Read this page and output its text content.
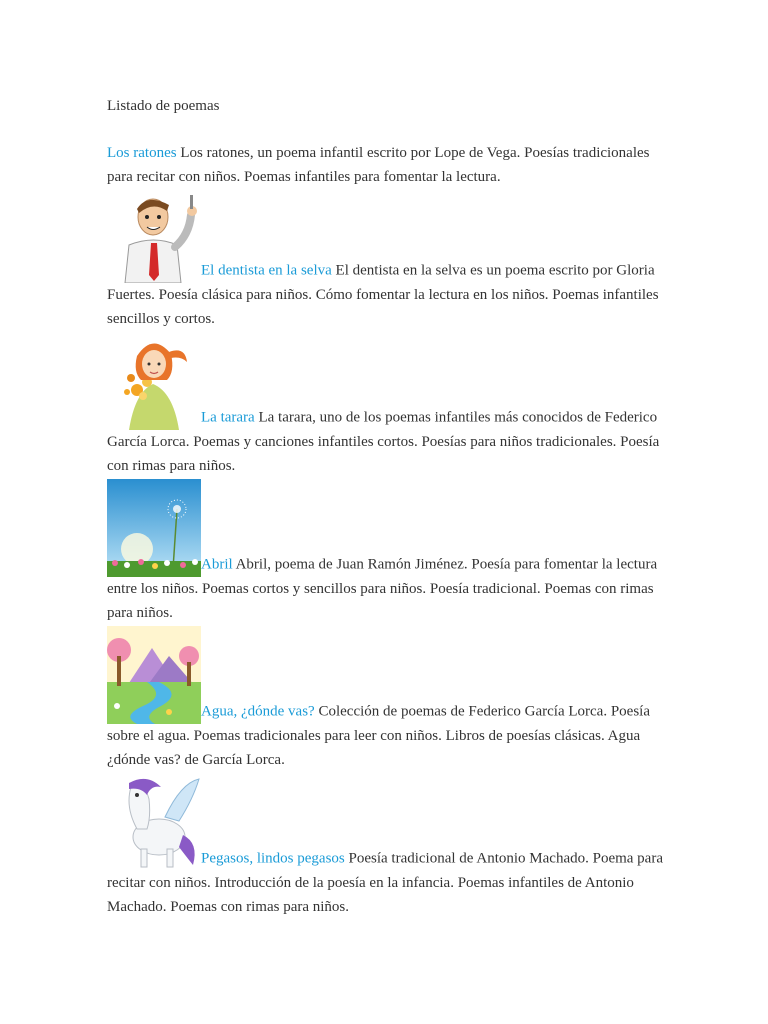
Listado de poemas

Los ratones Los ratones, un poema infantil escrito por Lope de Vega. Poesías tradicionales para recitar con niños. Poemas infantiles para fomentar la lectura.

El dentista en la selva El dentista en la selva es un poema escrito por Gloria Fuertes. Poesía clásica para niños. Cómo fomentar la lectura en los niños. Poemas infantiles sencillos y cortos.

La tarara La tarara, uno de los poemas infantiles más conocidos de Federico García Lorca. Poemas y canciones infantiles cortos. Poesías para niños tradicionales. Poesía con rimas para niños.

Abril Abril, poema de Juan Ramón Jiménez. Poesía para fomentar la lectura entre los niños. Poemas cortos y sencillos para niños. Poesía tradicional. Poemas con rimas para niños.

Agua, ¿dónde vas? Colección de poemas de Federico García Lorca. Poesía sobre el agua. Poemas tradicionales para leer con niños. Libros de poesías clásicas. Agua ¿dónde vas? de García Lorca.

Pegasos, lindos pegasos Poesía tradicional de Antonio Machado. Poema para recitar con niños. Introducción de la poesía en la infancia. Poemas infantiles de Antonio Machado. Poemas con rimas para niños.
